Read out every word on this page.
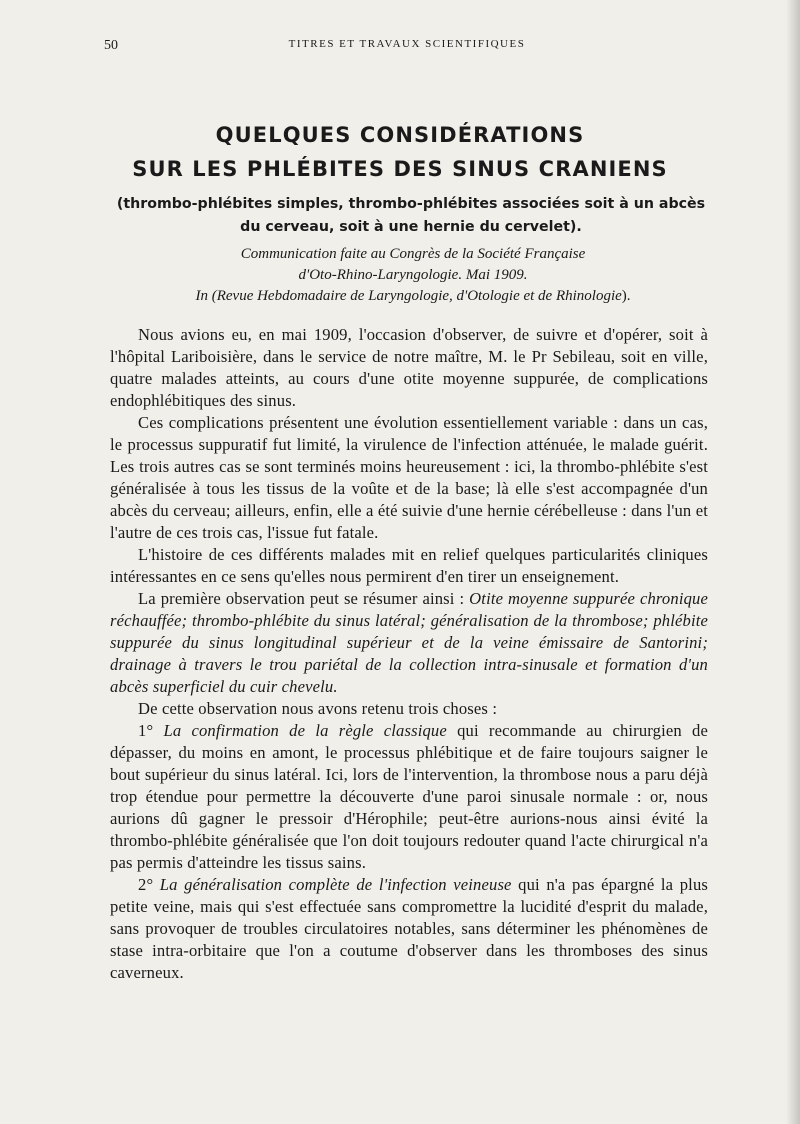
50	TITRES ET TRAVAUX SCIENTIFIQUES
QUELQUES CONSIDÉRATIONS
SUR LES PHLÉBITES DES SINUS CRANIENS
(thrombo-phlébites simples, thrombo-phlébites associées soit à un abcès du cerveau, soit à une hernie du cervelet).
Communication faite au Congrès de la Société Française
d'Oto-Rhino-Laryngologie. Mai 1909.
In (Revue Hebdomadaire de Laryngologie, d'Otologie et de Rhinologie).

Nous avions eu, en mai 1909, l'occasion d'observer, de suivre et d'opérer, soit à l'hôpital Lariboisière, dans le service de notre maître, M. le Pr Sebileau, soit en ville, quatre malades atteints, au cours d'une otite moyenne suppurée, de complications endophlébitiques des sinus.

Ces complications présentent une évolution essentiellement variable : dans un cas, le processus suppuratif fut limité, la virulence de l'infection atténuée, le malade guérit. Les trois autres cas se sont terminés moins heureusement : ici, la thrombo-phlébite s'est généralisée à tous les tissus de la voûte et de la base; là elle s'est accompagnée d'un abcès du cerveau; ailleurs, enfin, elle a été suivie d'une hernie cérébelleuse : dans l'un et l'autre de ces trois cas, l'issue fut fatale.

L'histoire de ces différents malades mit en relief quelques particularités cliniques intéressantes en ce sens qu'elles nous permirent d'en tirer un enseignement.

La première observation peut se résumer ainsi : Otite moyenne suppurée chronique réchauffée; thrombo-phlébite du sinus latéral; généralisation de la thrombose; phlébite suppurée du sinus longitudinal supérieur et de la veine émissaire de Santorini; drainage à travers le trou pariétal de la collection intra-sinusale et formation d'un abcès superficiel du cuir chevelu.

De cette observation nous avons retenu trois choses :

1° La confirmation de la règle classique qui recommande au chirurgien de dépasser, du moins en amont, le processus phlébitique et de faire toujours saigner le bout supérieur du sinus latéral. Ici, lors de l'intervention, la thrombose nous a paru déjà trop étendue pour permettre la découverte d'une paroi sinusale normale : or, nous aurions dû gagner le pressoir d'Hérophile; peut-être aurions-nous ainsi évité la thrombo-phlébite généralisée que l'on doit toujours redouter quand l'acte chirurgical n'a pas permis d'atteindre les tissus sains.

2° La généralisation complète de l'infection veineuse qui n'a pas épargné la plus petite veine, mais qui s'est effectuée sans compromettre la lucidité d'esprit du malade, sans provoquer de troubles circulatoires notables, sans déterminer les phénomènes de stase intra-orbitaire que l'on a coutume d'observer dans les thromboses des sinus caverneux.
